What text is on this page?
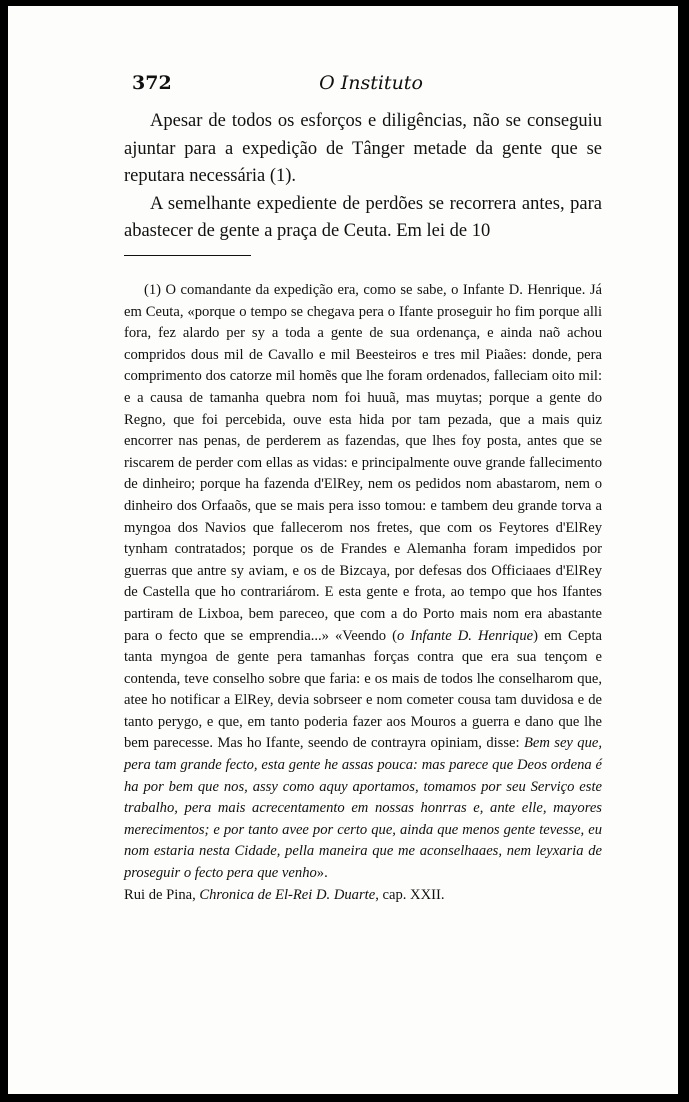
372	O Instituto

Apesar de todos os esforços e diligências, não se conseguiu ajuntar para a expedição de Tânger metade da gente que se reputara necessária (1).

A semelhante expediente de perdões se recorrera antes, para abastecer de gente a praça de Ceuta. Em lei de 10

(1) O comandante da expedição era, como se sabe, o Infante D. Henrique. Já em Ceuta, «porque o tempo se chegava pera o Ifante proseguir ho fim porque alli fora, fez alardo per sy a toda a gente de sua ordenança, e ainda naõ achou compridos dous mil de Cavallo e mil Beesteiros e tres mil Piaães: donde, pera comprimento dos catorze mil homẽs que lhe foram ordenados, falleciam oito mil: e a causa de tamanha quebra nom foi huuã, mas muytas; porque a gente do Regno, que foi percebida, ouve esta hida por tam pezada, que a mais quiz encorrer nas penas, de perderem as fazendas, que lhes foy posta, antes que se riscarem de perder com ellas as vidas: e principalmente ouve grande fallecimento de dinheiro; porque ha fazenda d'ElRey, nem os pedidos nom abastarom, nem o dinheiro dos Orfaaõs, que se mais pera isso tomou: e tambem deu grande torva a myngoa dos Navios que fallecerom nos fretes, que com os Feytores d'ElRey tynham contratados; porque os de Frandes e Alemanha foram impedidos por guerras que antre sy aviam, e os de Bizcaya, por defesas dos Officiaaes d'ElRey de Castella que ho contrariárom. E esta gente e frota, ao tempo que hos Ifantes partiram de Lixboa, bem pareceo, que com a do Porto mais nom era abastante para o fecto que se emprendia...» «Veendo (o Infante D. Henrique) em Cepta tanta myngoa de gente pera tamanhas forças contra que era sua tençom e contenda, teve conselho sobre que faria: e os mais de todos lhe conselharom que, atee ho notificar a ElRey, devia sobrseer e nom cometer cousa tam duvidosa e de tanto perygo, e que, em tanto poderia fazer aos Mouros a guerra e dano que lhe bem parecesse. Mas ho Ifante, seendo de contrayra opiniam, disse: Bem sey que, pera tam grande fecto, esta gente he assas pouca: mas parece que Deos ordena é ha por bem que nos, assy como aquy aportamos, tomamos por seu Serviço este trabalho, pera mais acrecentamento em nossas honrras e, ante elle, mayores merecimentos; e por tanto avee por certo que, ainda que menos gente tevesse, eu nom estaria nesta Cidade, pella maneira que me aconselhaaes, nem leyxaria de proseguir o fecto pera que venho».

Rui de Pina, Chronica de El-Rei D. Duarte, cap. XXII.
